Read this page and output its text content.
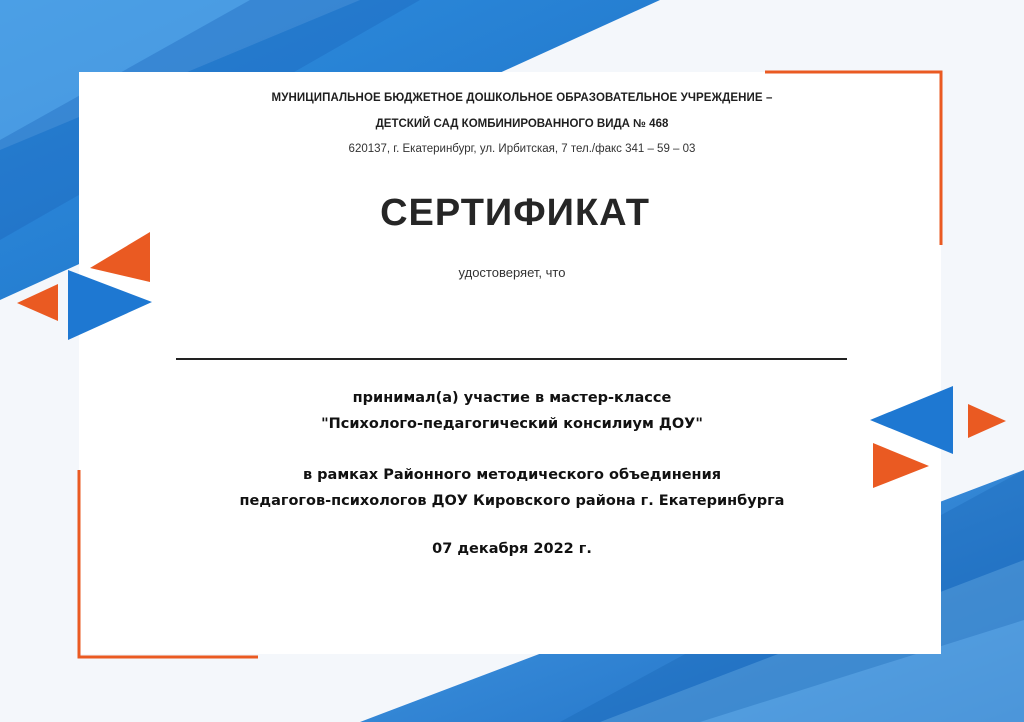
МУНИЦИПАЛЬНОЕ БЮДЖЕТНОЕ ДОШКОЛЬНОЕ ОБРАЗОВАТЕЛЬНОЕ УЧРЕЖДЕНИЕ –
ДЕТСКИЙ САД КОМБИНИРОВАННОГО ВИДА № 468
620137, г. Екатеринбург, ул. Ирбитская, 7 тел./факс 341 – 59 – 03
СЕРТИФИКАТ
удостоверяет, что
принимал(а) участие в мастер-классе
"Психолого-педагогический консилиум ДОУ"
в рамках Районного методического объединения
педагогов-психологов ДОУ Кировского района г. Екатеринбурга
07 декабря 2022 г.
